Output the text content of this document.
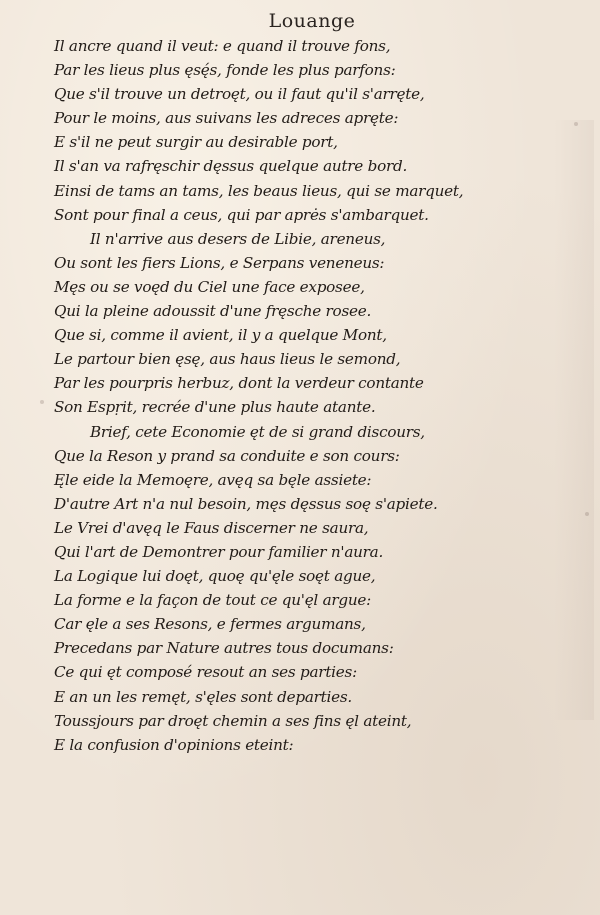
Louange
Il ancre quand il veut: e quand il trouve fons,
Par les lieus plus ęsę́s, fonde les plus parfons:
Que s'il trouve un detroęt, ou il faut qu'il s'arręte,
Pour le moins, aus suivans les adreces apręte:
E s'il ne peut surgir au desirable port,
Il s'an va rafręschir dęssus quelque autre bord.
Einsi de tams an tams, les beaus lieus, qui se marquet,
Sont pour final a ceus, qui par aprės s'ambarquet.
Il n'arrive aus desers de Libie, areneus,
Ou sont les fiers Lions, e Serpans veneneus:
Męs ou se voęd du Ciel une face exposee,
Qui la pleine adoussit d'une fręsche rosee.
Que si, comme il avient, il y a quelque Mont,
Le partour bien ęsę, aus haus lieus le semond,
Par les pourpris herbuz, dont la verdeur contante
Son Espṛit, recrée d'une plus haute atante.
Brief, cete Economie ęt de si grand discours,
Que la Reson y prand sa conduite e son cours:
Ęle eide la Memoęre, avęq sa bęle assiete:
D'autre Art n'a nul besoin, męs dęssus soę s'apiete.
Le Vrei d'avęq le Faus discerner ne saura,
Qui l'art de Demontrer pour familier n'aura.
La Logique lui doęt, quoę qu'ęle soęt ague,
La forme e la façon de tout ce qu'ęl argue:
Car ęle a ses Resons, e fermes argumans,
Precedans par Nature autres tous documans:
Ce qui ęt composé resout an ses parties:
E an un les remęt, s'ęles sont departies.
Toussjours par droęt chemin a ses fins ęl ateint,
E la confusion d'opinions eteint:
